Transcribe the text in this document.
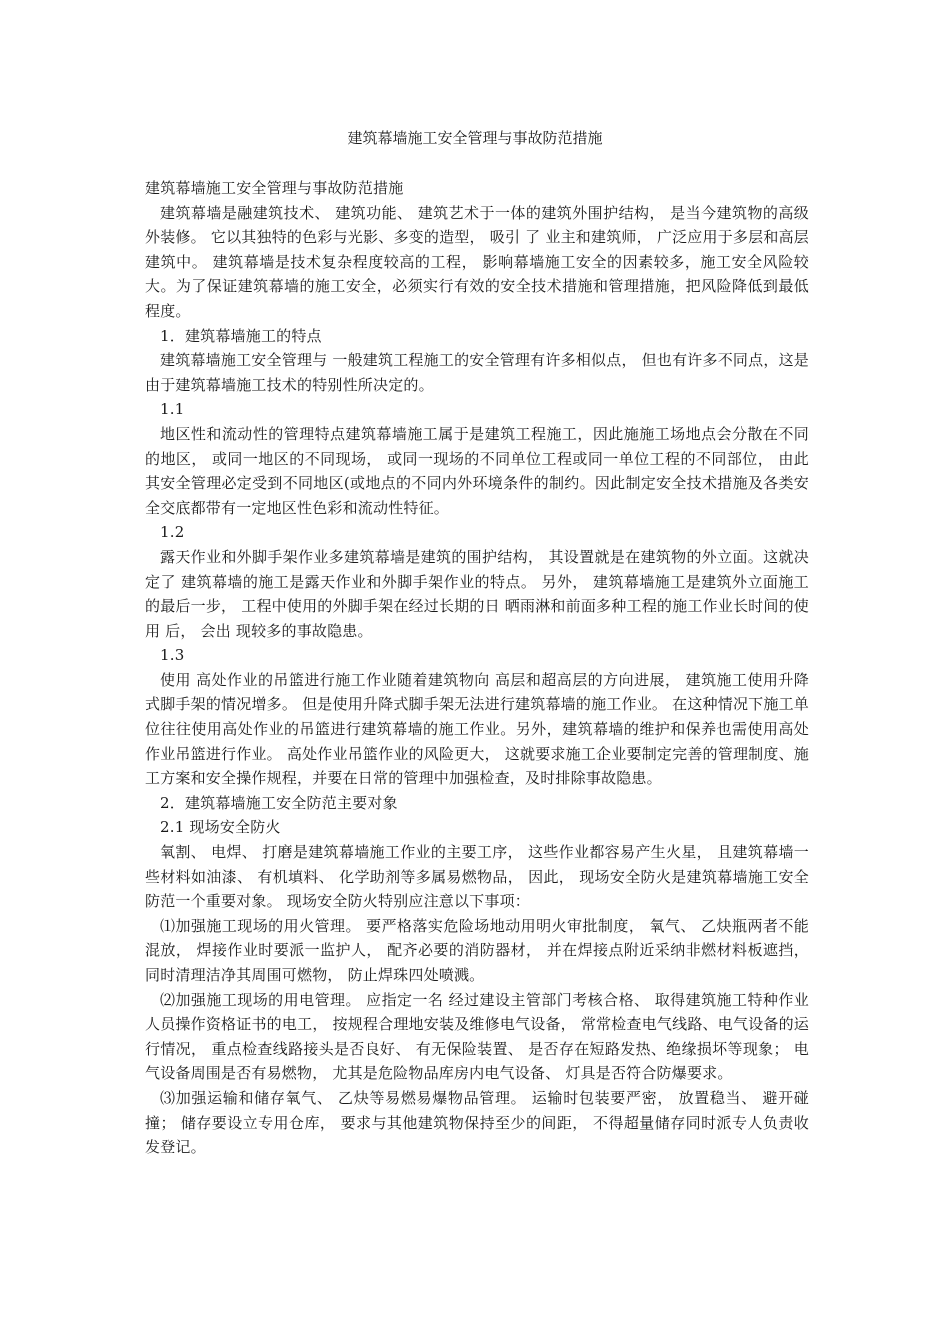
建筑幕墙施工安全管理与事故防范措施

建筑幕墙施工安全管理与事故防范措施

建筑幕墙是融建筑技术、 建筑功能、 建筑艺术于一体的建筑外围护结构， 是当今建筑物的高级外装修。 它以其独特的色彩与光影、多变的造型， 吸引 了 业主和建筑师， 广泛应用于多层和高层建筑中。 建筑幕墙是技术复杂程度较高的工程， 影响幕墙施工安全的因素较多，施工安全风险较大。为了保证建筑幕墙的施工安全，必须实行有效的安全技术措施和管理措施，把风险降低到最低程度。

1．建筑幕墙施工的特点

建筑幕墙施工安全管理与 一般建筑工程施工的安全管理有许多相似点， 但也有许多不同点，这是由于建筑幕墙施工技术的特别性所决定的。

1.1

地区性和流动性的管理特点建筑幕墙施工属于是建筑工程施工，因此施施工场地点会分散在不同的地区， 或同一地区的不同现场， 或同一现场的不同单位工程或同一单位工程的不同部位， 由此其安全管理必定受到不同地区(或地点的不同内外环境条件的制约。因此制定安全技术措施及各类安全交底都带有一定地区性色彩和流动性特征。

1.2

露天作业和外脚手架作业多建筑幕墙是建筑的围护结构， 其设置就是在建筑物的外立面。这就决定了 建筑幕墙的施工是露天作业和外脚手架作业的特点。 另外， 建筑幕墙施工是建筑外立面施工的最后一步， 工程中使用的外脚手架在经过长期的日 晒雨淋和前面多种工程的施工作业长时间的使用 后， 会出 现较多的事故隐患。

1.3

使用 高处作业的吊篮进行施工作业随着建筑物向 高层和超高层的方向进展， 建筑施工使用升降式脚手架的情况增多。 但是使用升降式脚手架无法进行建筑幕墙的施工作业。 在这种情况下施工单位往往使用高处作业的吊篮进行建筑幕墙的施工作业。另外，建筑幕墙的维护和保养也需使用高处作业吊篮进行作业。 高处作业吊篮作业的风险更大， 这就要求施工企业要制定完善的管理制度、施工方案和安全操作规程，并要在日常的管理中加强检查，及时排除事故隐患。

2．建筑幕墙施工安全防范主要对象

2.1 现场安全防火

氧割、 电焊、 打磨是建筑幕墙施工作业的主要工序， 这些作业都容易产生火星， 且建筑幕墙一些材料如油漆、 有机填料、 化学助剂等多属易燃物品， 因此， 现场安全防火是建筑幕墙施工安全防范一个重要对象。 现场安全防火特别应注意以下事项：

⑴加强施工现场的用火管理。 要严格落实危险场地动用明火审批制度， 氧气、 乙炔瓶两者不能混放， 焊接作业时要派一监护人， 配齐必要的消防器材， 并在焊接点附近采纳非燃材料板遮挡， 同时清理洁净其周围可燃物， 防止焊珠四处喷溅。

⑵加强施工现场的用电管理。 应指定一名 经过建设主管部门考核合格、 取得建筑施工特种作业人员操作资格证书的电工， 按规程合理地安装及维修电气设备， 常常检查电气线路、电气设备的运行情况， 重点检查线路接头是否良好、 有无保险装置、 是否存在短路发热、绝缘损坏等现象； 电气设备周围是否有易燃物， 尤其是危险物品库房内电气设备、 灯具是否符合防爆要求。

⑶加强运输和储存氧气、 乙炔等易燃易爆物品管理。 运输时包装要严密， 放置稳当、 避开碰撞； 储存要设立专用仓库， 要求与其他建筑物保持至少的间距， 不得超量储存同时派专人负责收发登记。
